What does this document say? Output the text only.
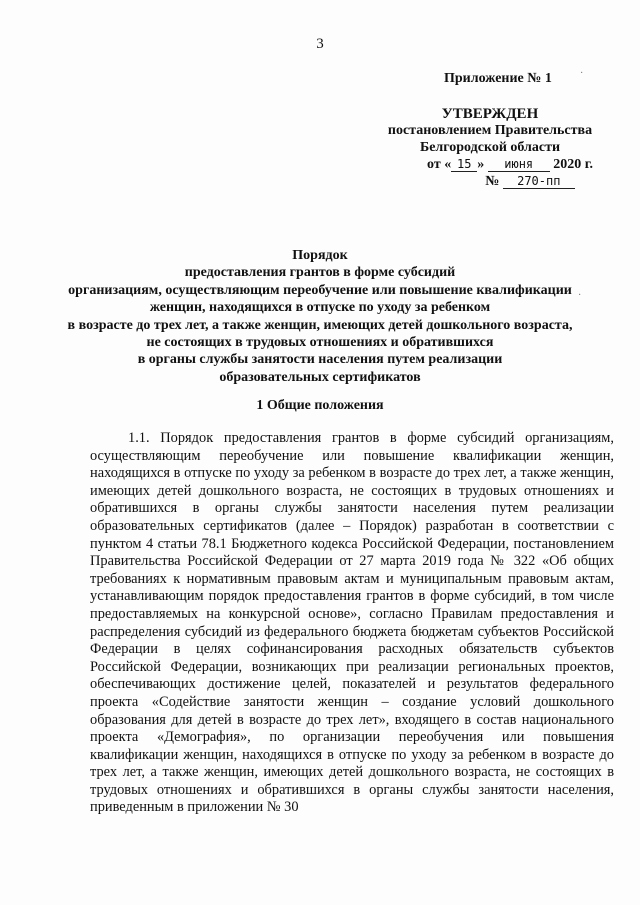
3
Приложение № 1
УТВЕРЖДЕН
постановлением Правительства
Белгородской области
от « 15 » июня 2020 г.
№ 270-пп
Порядок
предоставления грантов в форме субсидий
организациям, осуществляющим переобучение или повышение квалификации
женщин, находящихся в отпуске по уходу за ребенком
в возрасте до трех лет, а также женщин, имеющих детей дошкольного возраста,
не состоящих в трудовых отношениях и обратившихся
в органы службы занятости населения путем реализации
образовательных сертификатов
1 Общие положения
1.1. Порядок предоставления грантов в форме субсидий организациям, осуществляющим переобучение или повышение квалификации женщин, находящихся в отпуске по уходу за ребенком в возрасте до трех лет, а также женщин, имеющих детей дошкольного возраста, не состоящих в трудовых отношениях и обратившихся в органы службы занятости населения путем реализации образовательных сертификатов (далее – Порядок) разработан в соответствии с пунктом 4 статьи 78.1 Бюджетного кодекса Российской Федерации, постановлением Правительства Российской Федерации от 27 марта 2019 года № 322 «Об общих требованиях к нормативным правовым актам и муниципальным правовым актам, устанавливающим порядок предоставления грантов в форме субсидий, в том числе предоставляемых на конкурсной основе», согласно Правилам предоставления и распределения субсидий из федерального бюджета бюджетам субъектов Российской Федерации в целях софинансирования расходных обязательств субъектов Российской Федерации, возникающих при реализации региональных проектов, обеспечивающих достижение целей, показателей и результатов федерального проекта «Содействие занятости женщин – создание условий дошкольного образования для детей в возрасте до трех лет», входящего в состав национального проекта «Демография», по организации переобучения или повышения квалификации женщин, находящихся в отпуске по уходу за ребенком в возрасте до трех лет, а также женщин, имеющих детей дошкольного возраста, не состоящих в трудовых отношениях и обратившихся в органы службы занятости населения, приведенным в приложении № 30
·
·
